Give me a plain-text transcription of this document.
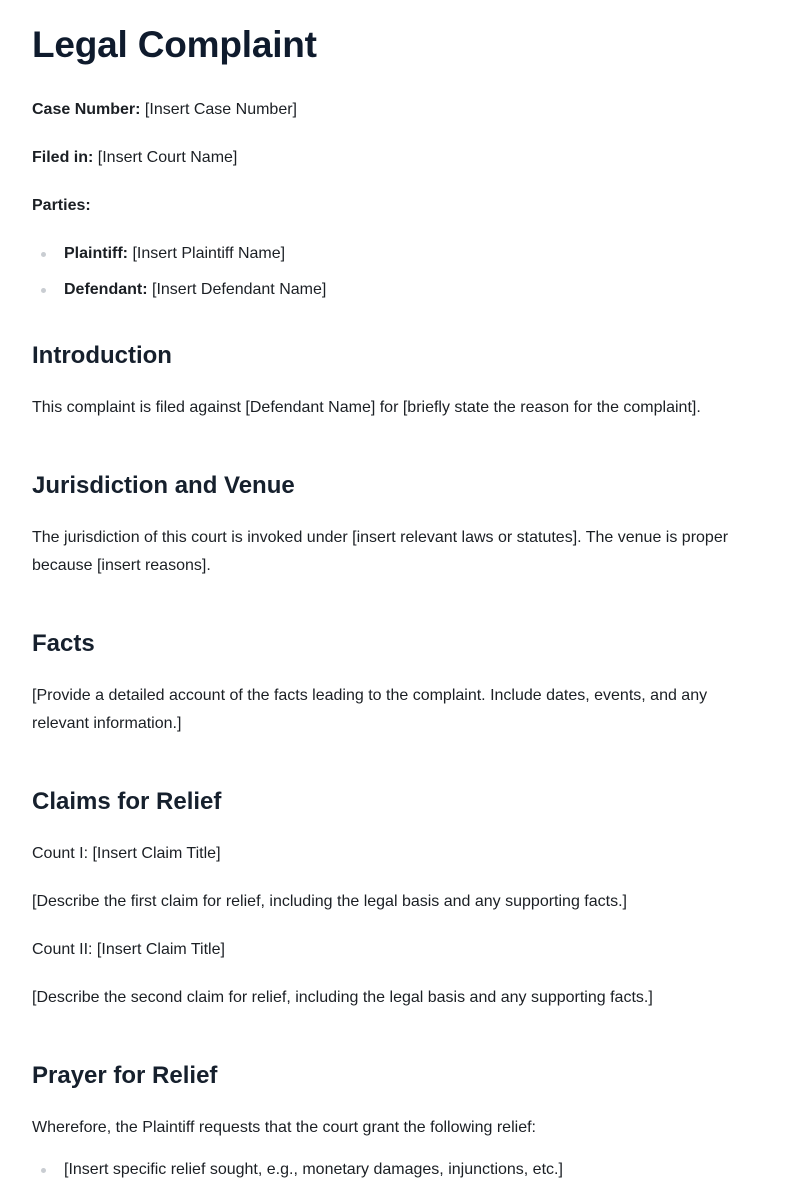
Legal Complaint

Case Number: [Insert Case Number]

Filed in: [Insert Court Name]

Parties:

Plaintiff: [Insert Plaintiff Name]
Defendant: [Insert Defendant Name]
Introduction

This complaint is filed against [Defendant Name] for [briefly state the reason for the complaint].

Jurisdiction and Venue

The jurisdiction of this court is invoked under [insert relevant laws or statutes]. The venue is proper because [insert reasons].

Facts

[Provide a detailed account of the facts leading to the complaint. Include dates, events, and any relevant information.]

Claims for Relief

Count I: [Insert Claim Title]

[Describe the first claim for relief, including the legal basis and any supporting facts.]

Count II: [Insert Claim Title]

[Describe the second claim for relief, including the legal basis and any supporting facts.]

Prayer for Relief

Wherefore, the Plaintiff requests that the court grant the following relief:

[Insert specific relief sought, e.g., monetary damages, injunctions, etc.]
